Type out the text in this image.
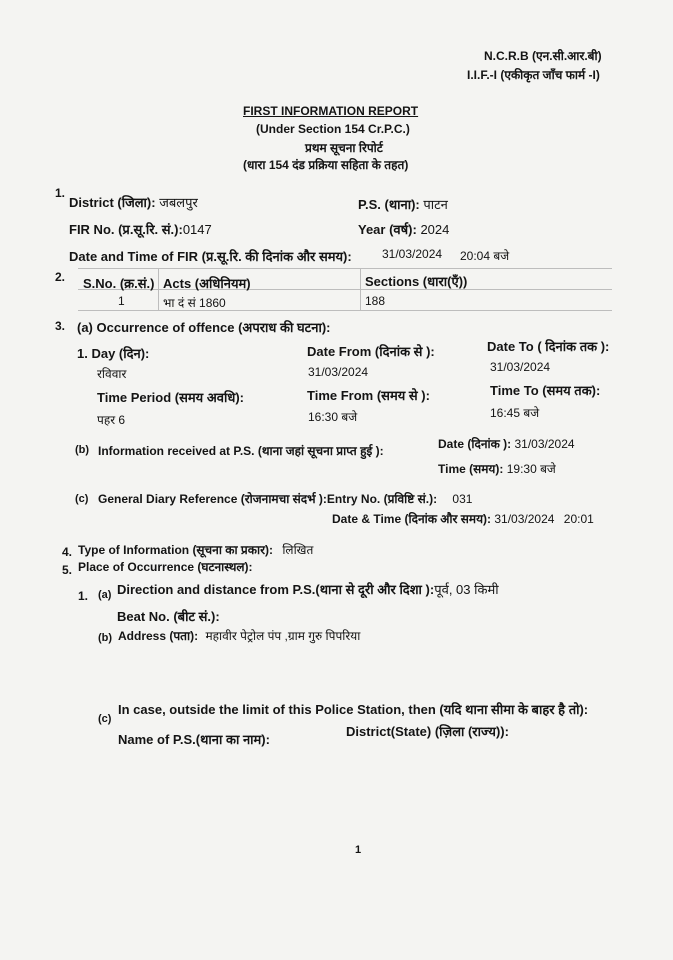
N.C.R.B (एन.सी.आर.बी)
I.I.F.-I (एकीकृत जाँच फार्म -I)
FIRST INFORMATION REPORT
(Under Section 154 Cr.P.C.)
प्रथम सूचना रिपोर्ट
(धारा 154 दंड प्रक्रिया सहिता के तहत)
1.
District (जिला): जबलपुर	P.S. (थाना): पाटन
FIR No. (प्र.सू.रि. सं.):0147	Year (वर्ष): 2024
Date and Time of FIR (प्र.सू.रि. की दिनांक और समय):	31/03/2024 20:04 बजे
2. S.No. (क्र.सं.) Acts (अधिनियम)	Sections (धारा(एँ))
1	भा दं सं 1860	188
3. (a) Occurrence of offence (अपराध की घटना):
1. Day (दिन):
रविवार
Date From (दिनांक से ):
31/03/2024
Date To ( दिनांक तक ):
31/03/2024
Time Period (समय अवधि):
पहर 6
Time From (समय से ):
16:30 बजे
Time To (समय तक):
16:45 बजे
(b) Information received at P.S. (थाना जहां सूचना प्राप्त हुई ):	Date (दिनांक ): 31/03/2024
Time (समय): 19:30 बजे
(c) General Diary Reference (रोजनामचा संदर्भ ):Entry No. (प्रविष्टि सं.): 031
Date & Time (दिनांक और समय): 31/03/2024 20:01
4. Type of Information (सूचना का प्रकार): लिखित
5. Place of Occurrence (घटनास्थल):
1. (a) Direction and distance from P.S.(थाना से दूरी और दिशा ):पूर्व, 03 किमी
Beat No. (बीट सं.):
(b) Address (पता): महावीर पेट्रोल पंप ,ग्राम गुरु पिपरिया
(c)
In case, outside the limit of this Police Station, then (यदि थाना सीमा के बाहर है तो):
Name of P.S.(थाना का नाम):
District(State) (ज़िला (राज्य)):
1
